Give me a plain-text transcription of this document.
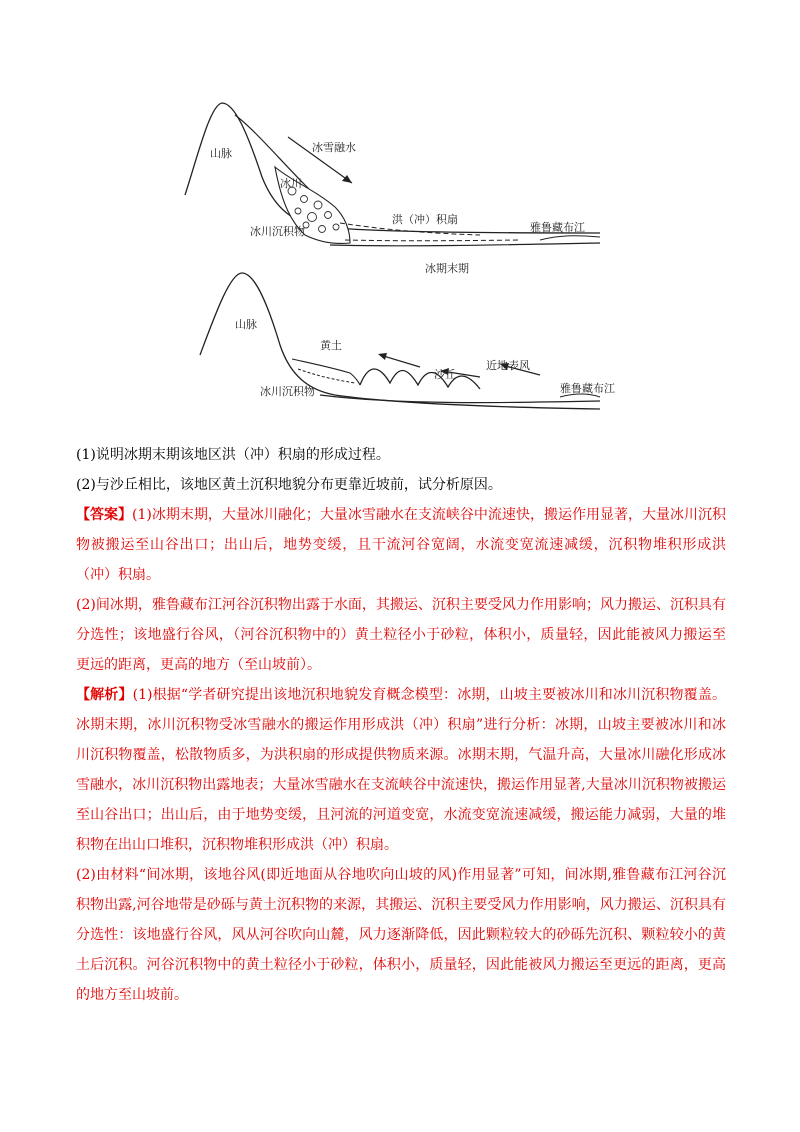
山脉	冰雪融水
冰川
冰川沉积物
洪（冲）积扇
雅鲁藏布江
冰期末期
山脉
黄土
冰川沉积物
沙丘
近地表风
雅鲁藏布江

(1)说明冰期末期该地区洪（冲）积扇的形成过程。

(2)与沙丘相比，该地区黄土沉积地貌分布更靠近坡前，试分析原因。

【答案】(1)冰期末期，大量冰川融化；大量冰雪融水在支流峡谷中流速快，搬运作用显著，大量冰川沉积物被搬运至山谷出口；出山后，地势变缓，且干流河谷宽阔，水流变宽流速减缓，沉积物堆积形成洪（冲）积扇。

(2)间冰期，雅鲁藏布江河谷沉积物出露于水面，其搬运、沉积主要受风力作用影响；风力搬运、沉积具有分选性；该地盛行谷风，（河谷沉积物中的）黄土粒径小于砂粒，体积小，质量轻，因此能被风力搬运至更远的距离，更高的地方（至山坡前）。

【解析】(1)根据“学者研究提出该地沉积地貌发育概念模型：冰期，山坡主要被冰川和冰川沉积物覆盖。冰期末期，冰川沉积物受冰雪融水的搬运作用形成洪（冲）积扇”进行分析：冰期，山坡主要被冰川和冰川沉积物覆盖，松散物质多，为洪积扇的形成提供物质来源。冰期末期，气温升高，大量冰川融化形成冰雪融水，冰川沉积物出露地表；大量冰雪融水在支流峡谷中流速快，搬运作用显著,大量冰川沉积物被搬运至山谷出口；出山后，由于地势变缓，且河流的河道变宽，水流变宽流速减缓，搬运能力减弱，大量的堆积物在出山口堆积，沉积物堆积形成洪（冲）积扇。

(2)由材料“间冰期，该地谷风(即近地面从谷地吹向山坡的风)作用显著”可知，间冰期,雅鲁藏布江河谷沉积物出露,河谷地带是砂砾与黄土沉积物的来源，其搬运、沉积主要受风力作用影响，风力搬运、沉积具有分选性：该地盛行谷风，风从河谷吹向山麓，风力逐渐降低，因此颗粒较大的砂砾先沉积、颗粒较小的黄土后沉积。河谷沉积物中的黄土粒径小于砂粒，体积小，质量轻，因此能被风力搬运至更远的距离，更高的地方至山坡前。
